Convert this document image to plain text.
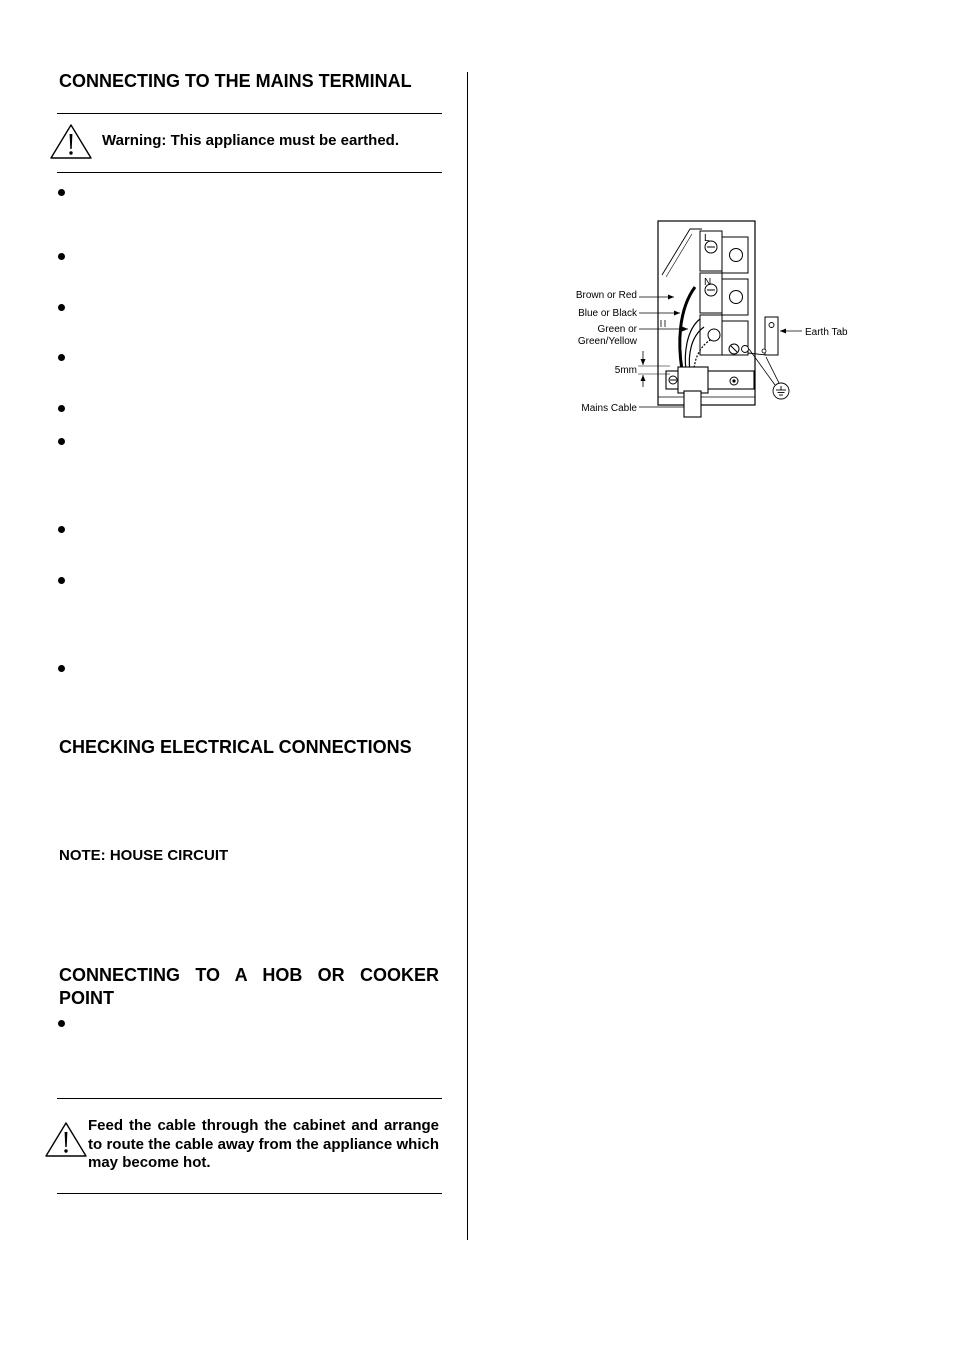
CONNECTING TO THE MAINS TERMINAL
Warning: This appliance must be earthed.
CHECKING ELECTRICAL CONNECTIONS
NOTE: HOUSE CIRCUIT
CONNECTING TO A HOB OR COOKER POINT
Feed the cable through the cabinet and arrange to route the cable away from the appliance which may become hot.
L
N
Brown or Red
Blue or Black
Green or
Green/Yellow
5mm
Mains Cable
Earth Tab
